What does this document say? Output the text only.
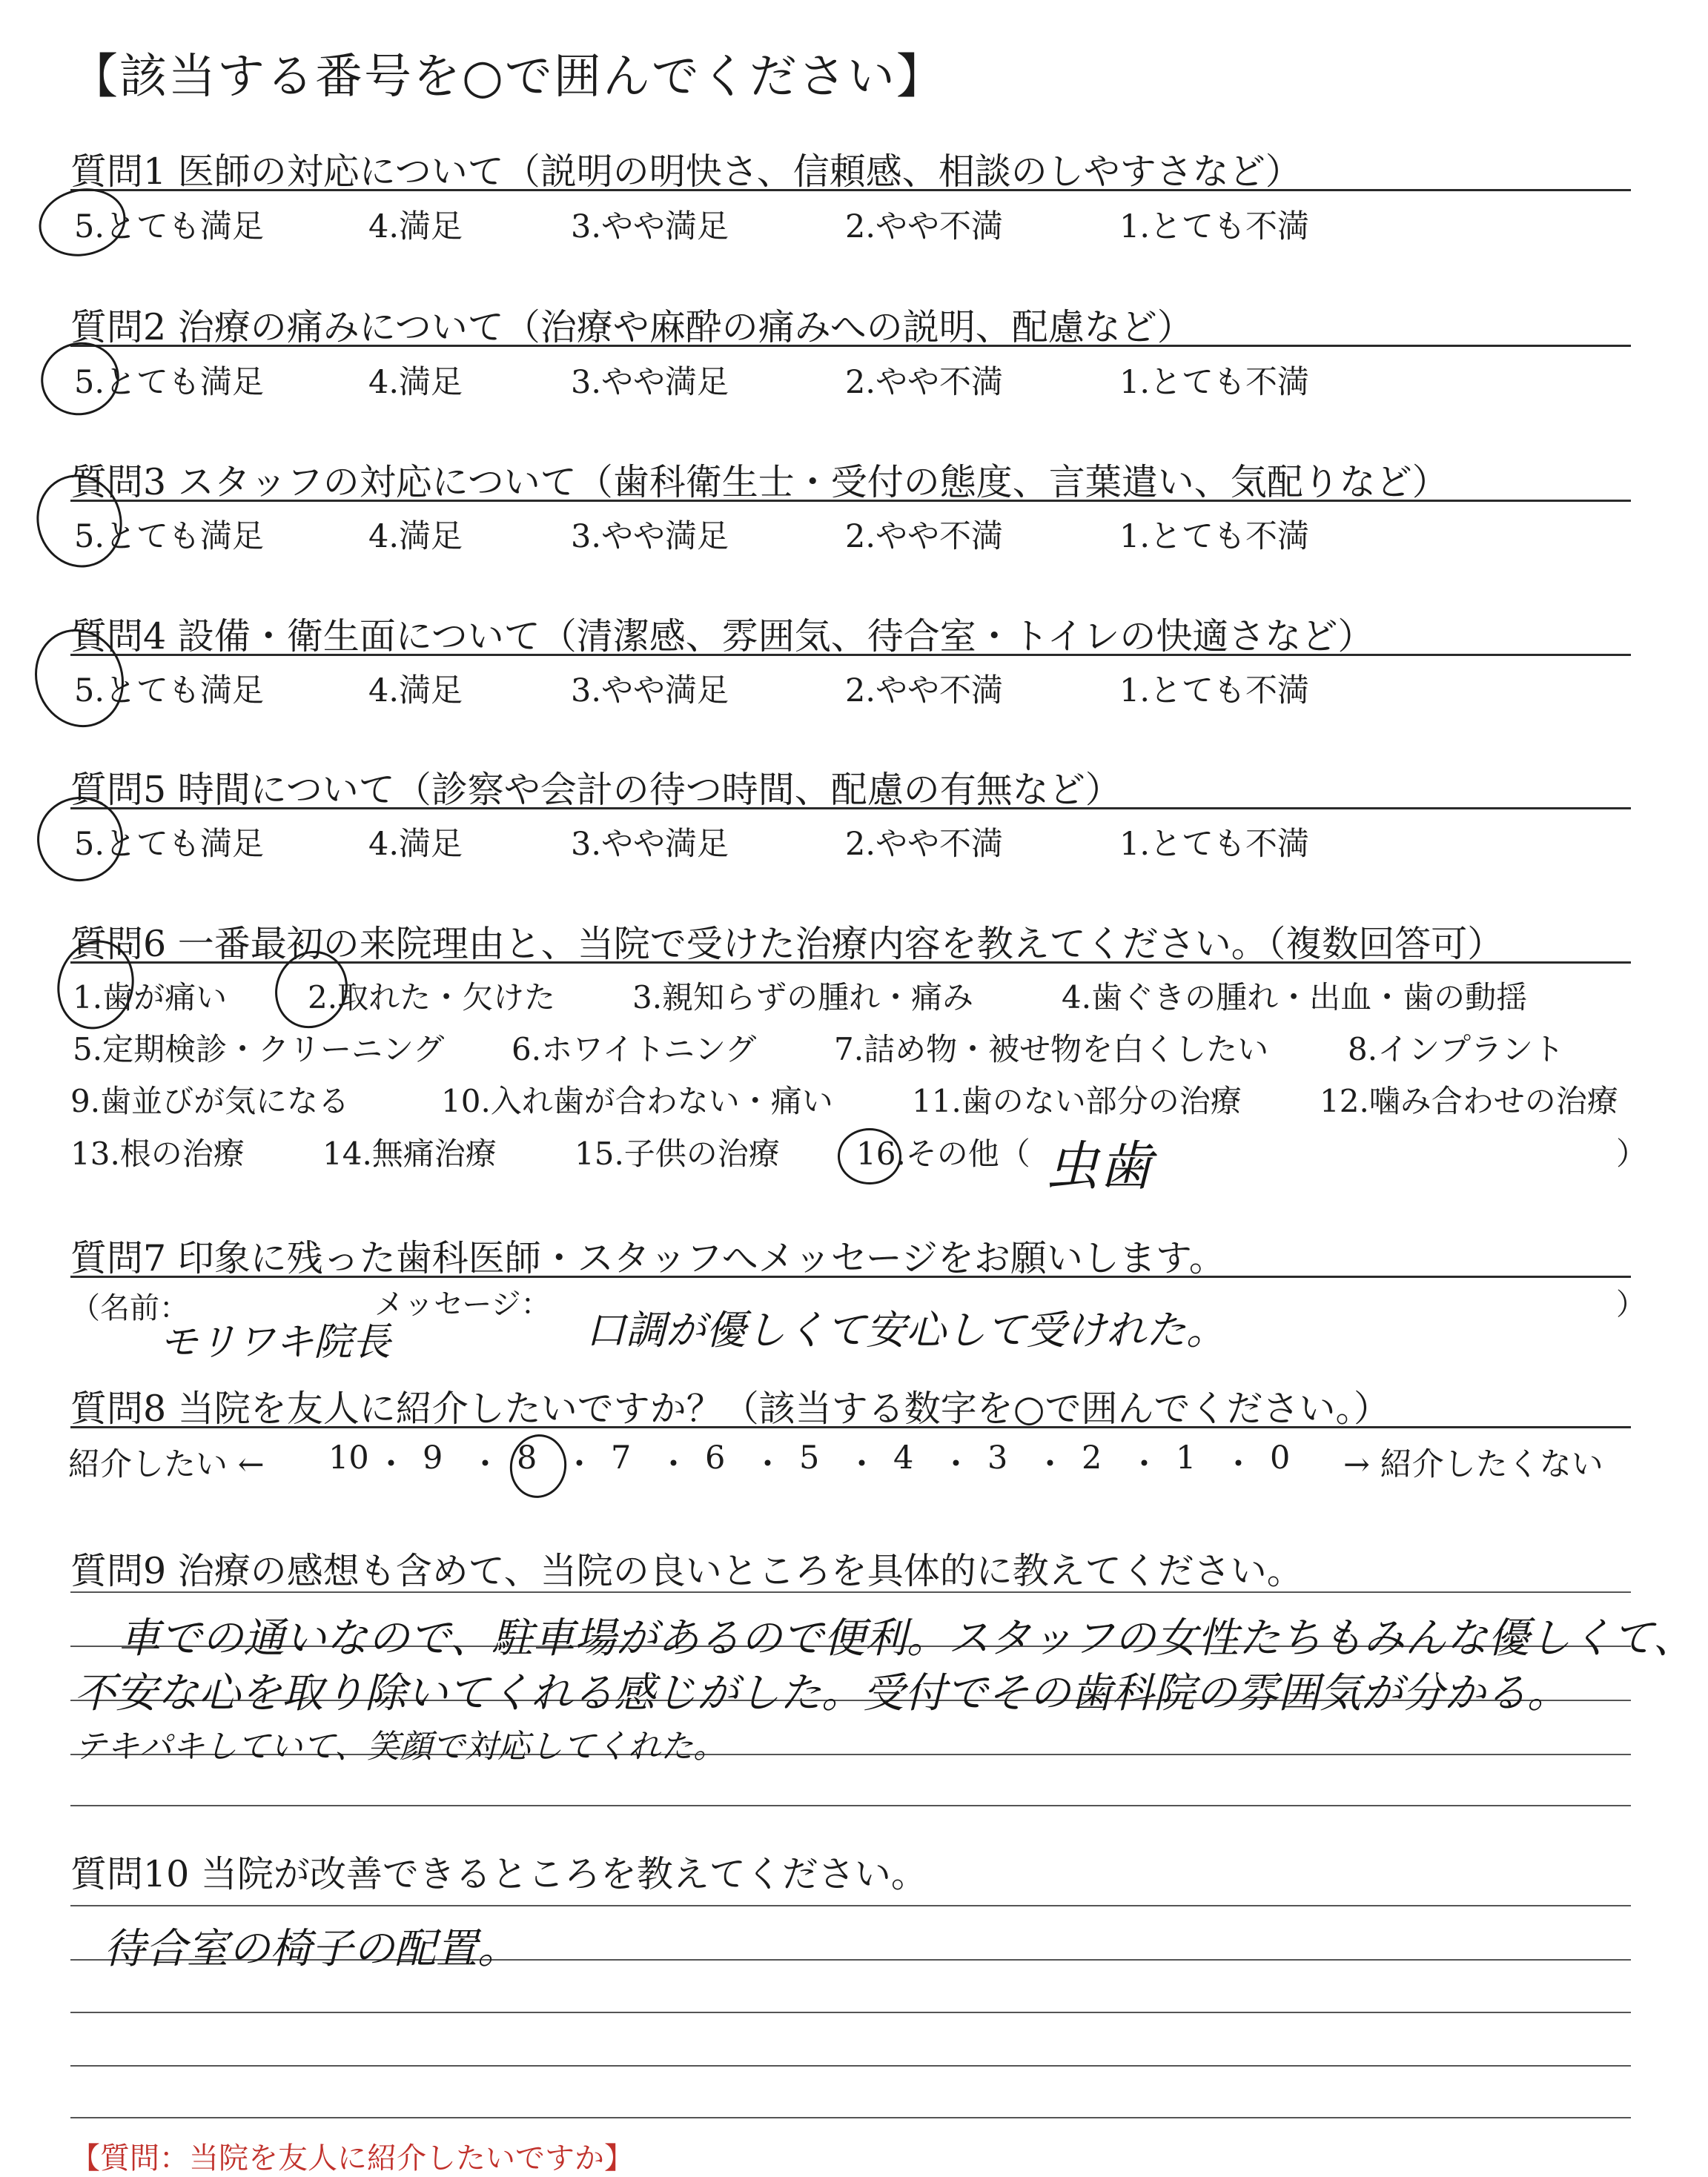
【該当する番号を○で囲んでください】
質問1 医師の対応について（説明の明快さ、信頼感、相談のしやすさなど）
5.とても満足	4.満足	3.やや満足	2.やや不満	1.とても不満
質問2 治療の痛みについて（治療や麻酔の痛みへの説明、配慮など）
5.とても満足	4.満足	3.やや満足	2.やや不満	1.とても不満
質問3 スタッフの対応について（歯科衛生士・受付の態度、言葉遣い、気配りなど）
5.とても満足	4.満足	3.やや満足	2.やや不満	1.とても不満
質問4 設備・衛生面について（清潔感、雰囲気、待合室・トイレの快適さなど）
5.とても満足	4.満足	3.やや満足	2.やや不満	1.とても不満
質問5 時間について（診察や会計の待つ時間、配慮の有無など）
5.とても満足	4.満足	3.やや満足	2.やや不満	1.とても不満
質問6 一番最初の来院理由と、当院で受けた治療内容を教えてください。（複数回答可）
1.歯が痛い	2.取れた・欠けた 3.親知らずの腫れ・痛み	4.歯ぐきの腫れ・出血・歯の動揺
5.定期検診・クリーニング 6.ホワイトニング 7.詰め物・被せ物を白くしたい	8.インプラント
9.歯並びが気になる	10.入れ歯が合わない・痛い	11.歯のない部分の治療	12.噛み合わせの治療
13.根の治療	14.無痛治療	15.子供の治療 16.その他（	）
虫歯
質問7 印象に残った歯科医師・スタッフへメッセージをお願いします。
（名前：	メッセージ：	）
モリワキ院長	口調が優しくて安心して受けれた。
質問8 当院を友人に紹介したいですか？（該当する数字を○で囲んでください。）
紹介したい ← 10 ・ 9 ・ 8 ・ 7 ・ 6 ・ 5 ・ 4 ・ 3 ・ 2 ・ 1 ・ 0 → 紹介したくない
質問9 治療の感想も含めて、当院の良いところを具体的に教えてください。
車での通いなので、駐車場があるので便利。スタッフの女性たちもみんな優しくて、
不安な心を取り除いてくれる感じがした。受付でその歯科院の雰囲気が分かる。
テキパキしていて、笑顔で対応してくれた。
質問10 当院が改善できるところを教えてください。
待合室の椅子の配置。
【質問：当院を友人に紹介したいですか】
